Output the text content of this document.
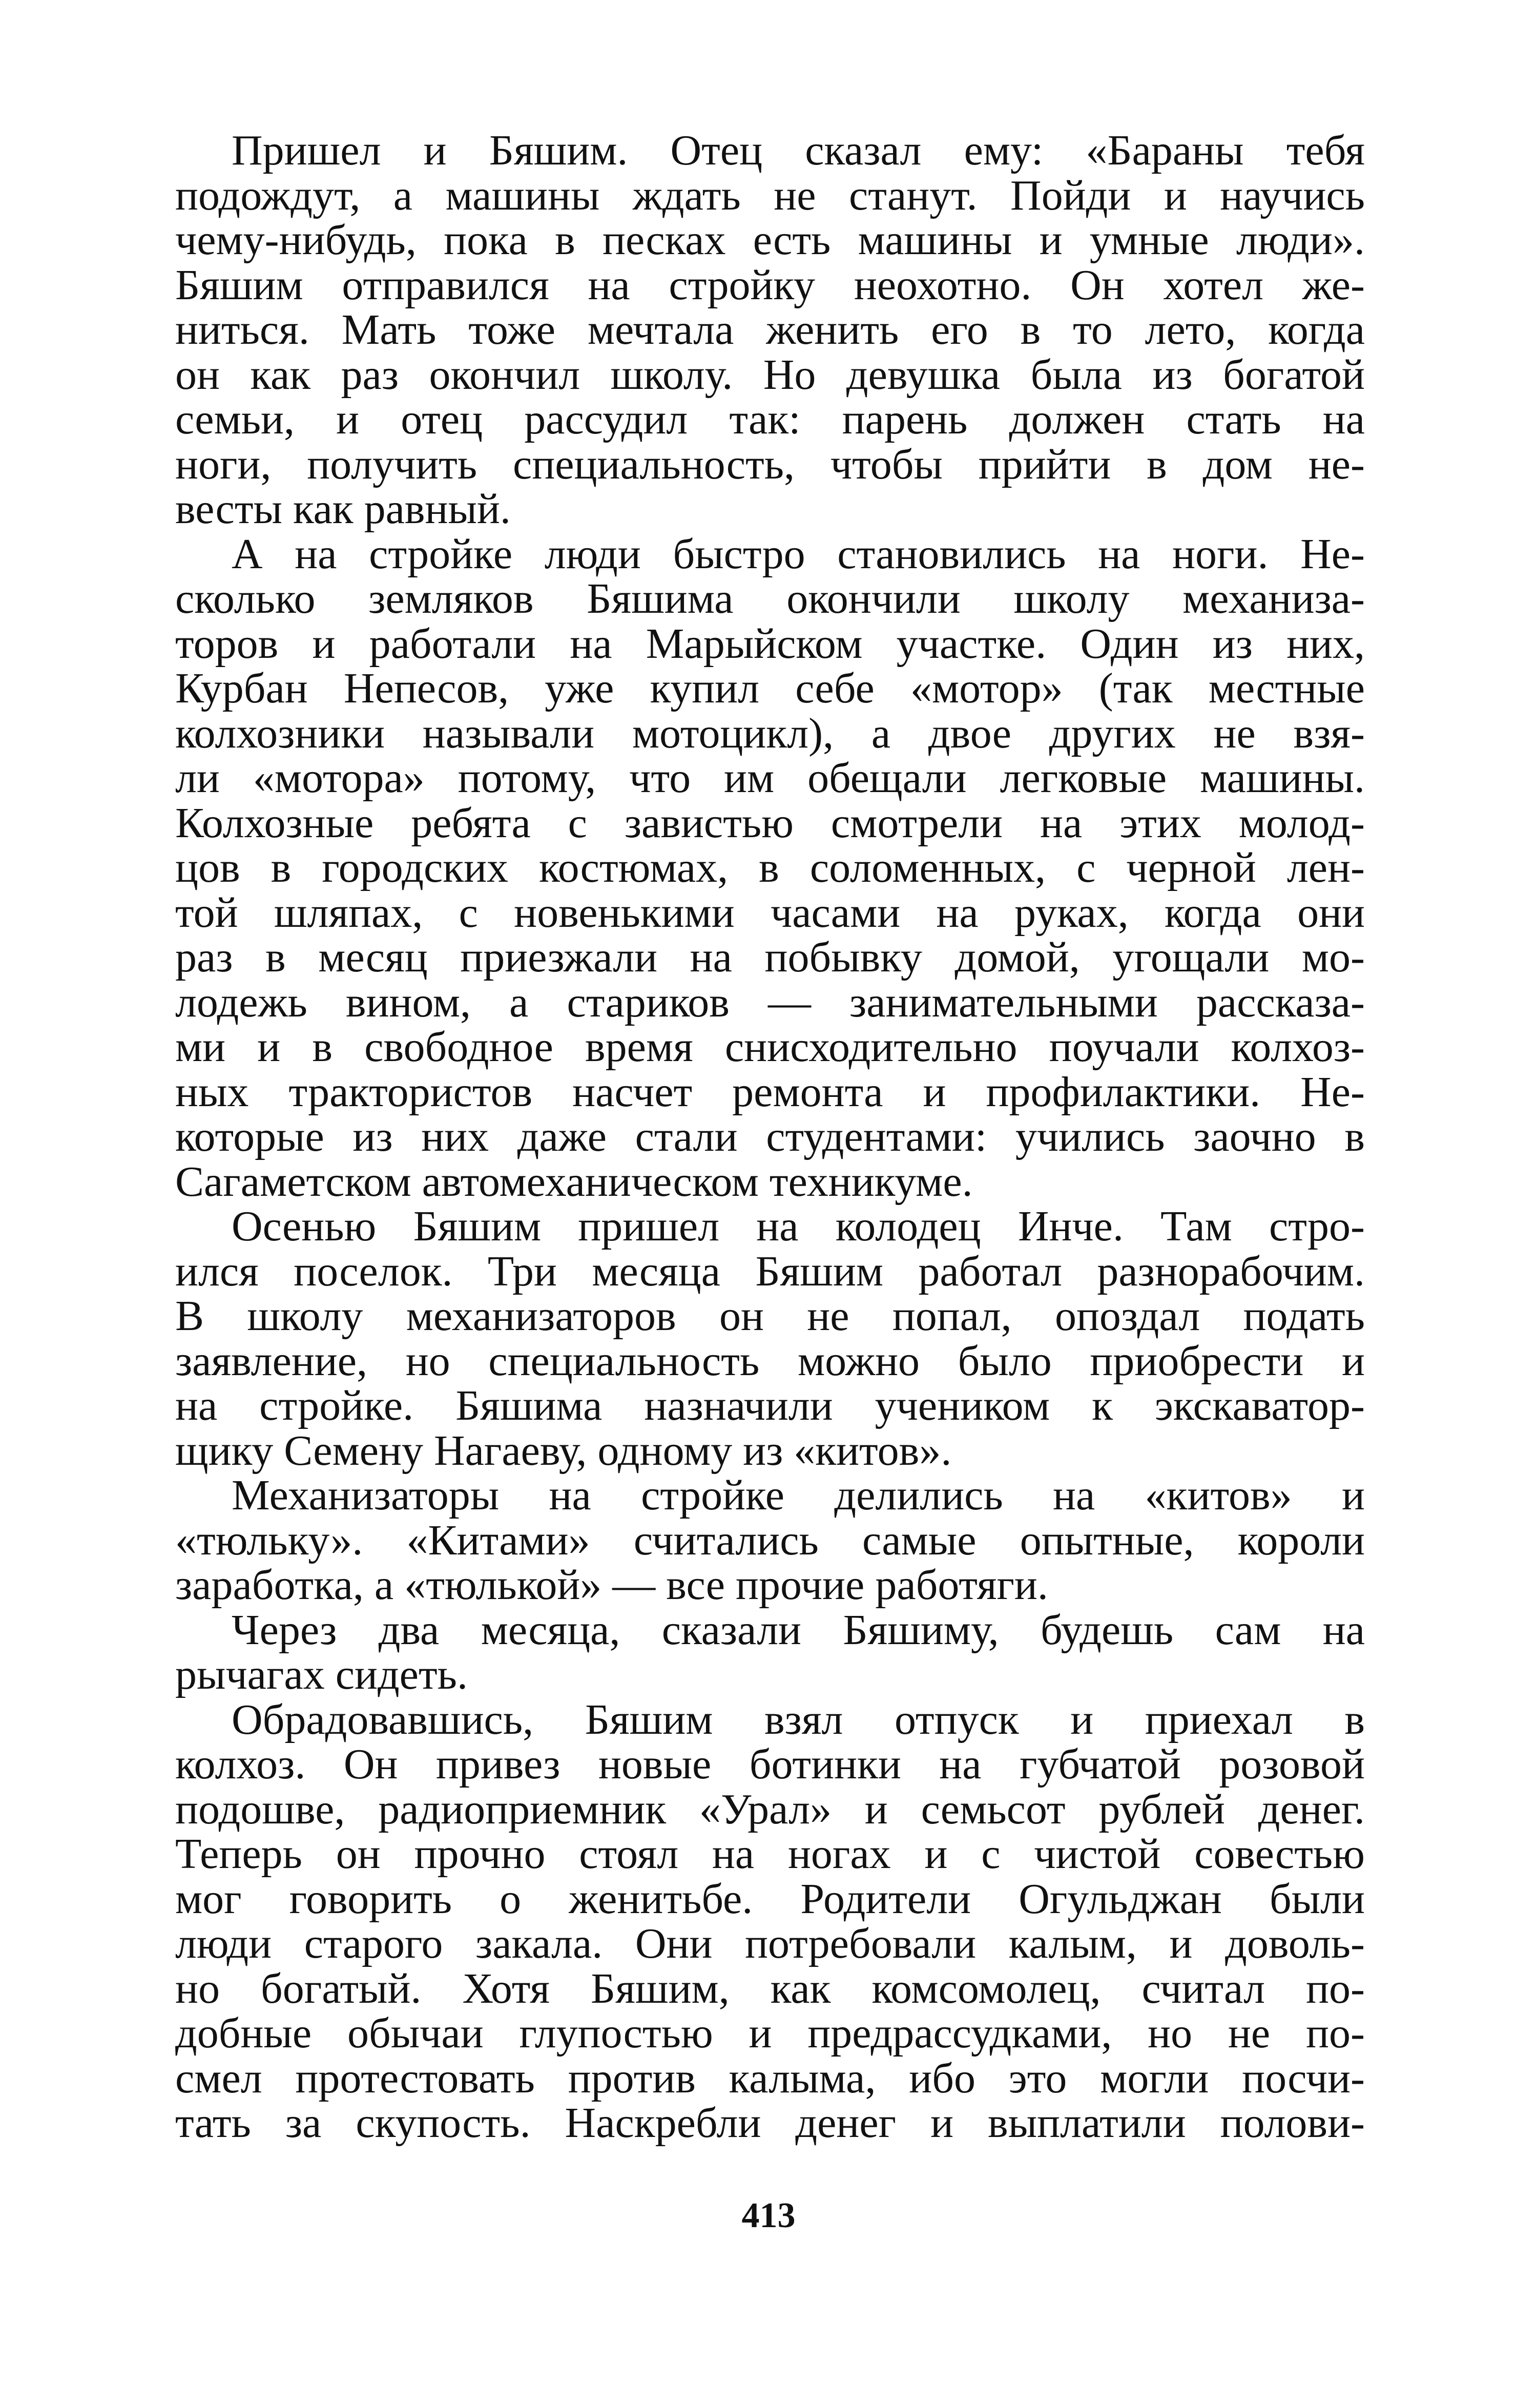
Пришел и Бяшим. Отец сказал ему: «Бараны тебя
подождут, а машины ждать не станут. Пойди и научись
чему-нибудь, пока в песках есть машины и умные люди».
Бяшим отправился на стройку неохотно. Он хотел же-
ниться. Мать тоже мечтала женить его в то лето, когда
он как раз окончил школу. Но девушка была из богатой
семьи, и отец рассудил так: парень должен стать на
ноги, получить специальность, чтобы прийти в дом не-
весты как равный.
А на стройке люди быстро становились на ноги. Не-
сколько земляков Бяшима окончили школу механиза-
торов и работали на Марыйском участке. Один из них,
Курбан Непесов, уже купил себе «мотор» (так местные
колхозники называли мотоцикл), а двое других не взя-
ли «мотора» потому, что им обещали легковые машины.
Колхозные ребята с завистью смотрели на этих молод-
цов в городских костюмах, в соломенных, с черной лен-
той шляпах, с новенькими часами на руках, когда они
раз в месяц приезжали на побывку домой, угощали мо-
лодежь вином, а стариков — занимательными рассказа-
ми и в свободное время снисходительно поучали колхоз-
ных трактористов насчет ремонта и профилактики. Не-
которые из них даже стали студентами: учились заочно в
Сагаметском автомеханическом техникуме.
Осенью Бяшим пришел на колодец Инче. Там стро-
ился поселок. Три месяца Бяшим работал разнорабочим.
В школу механизаторов он не попал, опоздал подать
заявление, но специальность можно было приобрести и
на стройке. Бяшима назначили учеником к экскаватор-
щику Семену Нагаеву, одному из «китов».
Механизаторы на стройке делились на «китов» и
«тюльку». «Китами» считались самые опытные, короли
заработка, а «тюлькой» — все прочие работяги.
Через два месяца, сказали Бяшиму, будешь сам на
рычагах сидеть.
Обрадовавшись, Бяшим взял отпуск и приехал в
колхоз. Он привез новые ботинки на губчатой розовой
подошве, радиоприемник «Урал» и семьсот рублей денег.
Теперь он прочно стоял на ногах и с чистой совестью
мог говорить о женитьбе. Родители Огульджан были
люди старого закала. Они потребовали калым, и доволь-
но богатый. Хотя Бяшим, как комсомолец, считал по-
добные обычаи глупостью и предрассудками, но не по-
смел протестовать против калыма, ибо это могли посчи-
тать за скупость. Наскребли денег и выплатили полови-
413
